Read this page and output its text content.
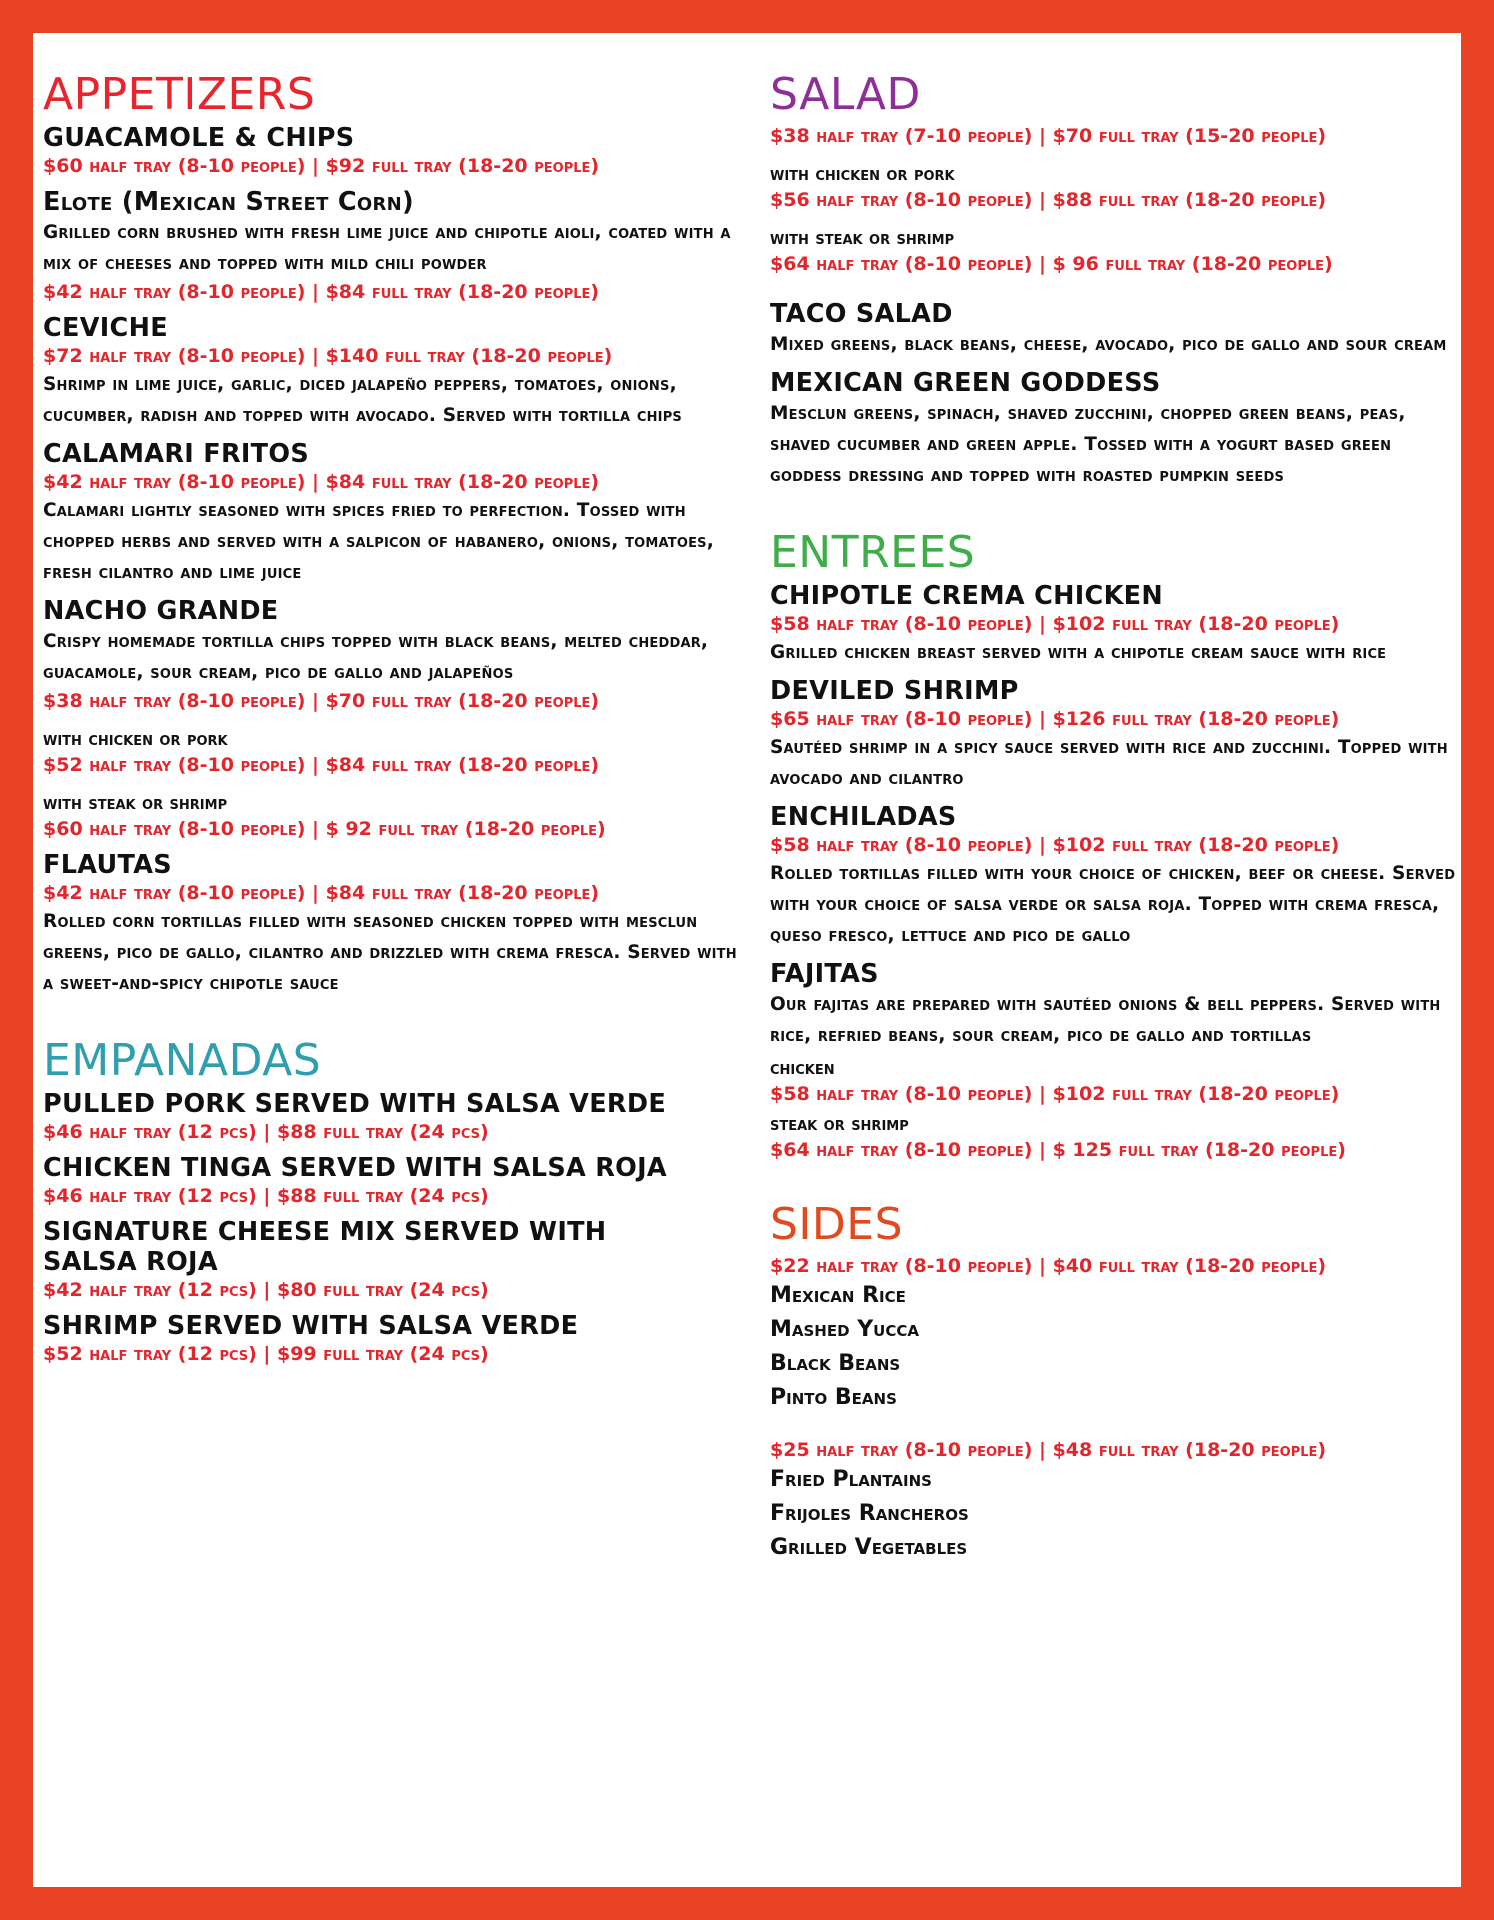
APPETIZERS
GUACAMOLE & CHIPS
$60 half tray (8-10 people) | $92 full tray (18-20 people)
Elote (Mexican Street Corn)
Grilled corn brushed with fresh lime juice and chipotle aioli, coated with a mix of cheeses and topped with mild chili powder
$42 half tray (8-10 people) | $84 full tray (18-20 people)
CEVICHE
$72 half tray (8-10 people) | $140 full tray (18-20 people)
Shrimp in lime juice, garlic, diced jalapeño peppers, tomatoes, onions, cucumber, radish and topped with avocado. Served with tortilla chips
CALAMARI FRITOS
$42 half tray (8-10 people) | $84 full tray (18-20 people)
Calamari lightly seasoned with spices fried to perfection. Tossed with chopped herbs and served with a salpicon of habanero, onions, tomatoes, fresh cilantro and lime juice
NACHO GRANDE
Crispy homemade tortilla chips topped with black beans, melted cheddar, guacamole, sour cream, pico de gallo and jalapeños
$38 half tray (8-10 people) | $70 full tray (18-20 people)
with chicken or pork
$52 half tray (8-10 people) | $84 full tray (18-20 people)
with steak or shrimp
$60 half tray (8-10 people) | $ 92 full tray (18-20 people)
FLAUTAS
$42 half tray (8-10 people) | $84 full tray (18-20 people)
Rolled corn tortillas filled with seasoned chicken topped with mesclun greens, pico de gallo, cilantro and drizzled with crema fresca. Served with a sweet-and-spicy chipotle sauce
EMPANADAS
PULLED PORK SERVED WITH SALSA VERDE
$46 half tray (12 pcs) | $88 full tray (24 pcs)
CHICKEN TINGA SERVED WITH SALSA ROJA
$46 half tray (12 pcs) | $88 full tray (24 pcs)
SIGNATURE CHEESE MIX SERVED WITH SALSA ROJA
$42 half tray (12 pcs) | $80 full tray (24 pcs)
SHRIMP SERVED WITH SALSA VERDE
$52 half tray (12 pcs) | $99 full tray (24 pcs)
SALAD
$38 half tray (7-10 people) | $70 full tray (15-20 people)
with chicken or pork
$56 half tray (8-10 people) | $88 full tray (18-20 people)
with steak or shrimp
$64 half tray (8-10 people) | $ 96 full tray (18-20 people)
TACO SALAD
Mixed greens, black beans, cheese, avocado, pico de gallo and sour cream
MEXICAN GREEN GODDESS
Mesclun greens, spinach, shaved zucchini, chopped green beans, peas, shaved cucumber and green apple. Tossed with a yogurt based green goddess dressing and topped with roasted pumpkin seeds
ENTREES
CHIPOTLE CREMA CHICKEN
$58 half tray (8-10 people) | $102 full tray (18-20 people)
Grilled chicken breast served with a chipotle cream sauce with rice
DEVILED SHRIMP
$65 half tray (8-10 people) | $126 full tray (18-20 people)
Sautéed shrimp in a spicy sauce served with rice and zucchini. Topped with avocado and cilantro
ENCHILADAS
$58 half tray (8-10 people) | $102 full tray (18-20 people)
Rolled tortillas filled with your choice of chicken, beef or cheese. Served with your choice of salsa verde or salsa roja. Topped with crema fresca, queso fresco, lettuce and pico de gallo
FAJITAS
Our fajitas are prepared with sautéed onions & bell peppers. Served with rice, refried beans, sour cream, pico de gallo and tortillas
chicken
$58 half tray (8-10 people) | $102 full tray (18-20 people)
steak or shrimp
$64 half tray (8-10 people) | $ 125 full tray (18-20 people)
SIDES
$22 half tray (8-10 people) | $40 full tray (18-20 people)
Mexican Rice
Mashed Yucca
Black Beans
Pinto Beans
$25 half tray (8-10 people) | $48 full tray (18-20 people)
Fried Plantains
Frijoles Rancheros
Grilled Vegetables
